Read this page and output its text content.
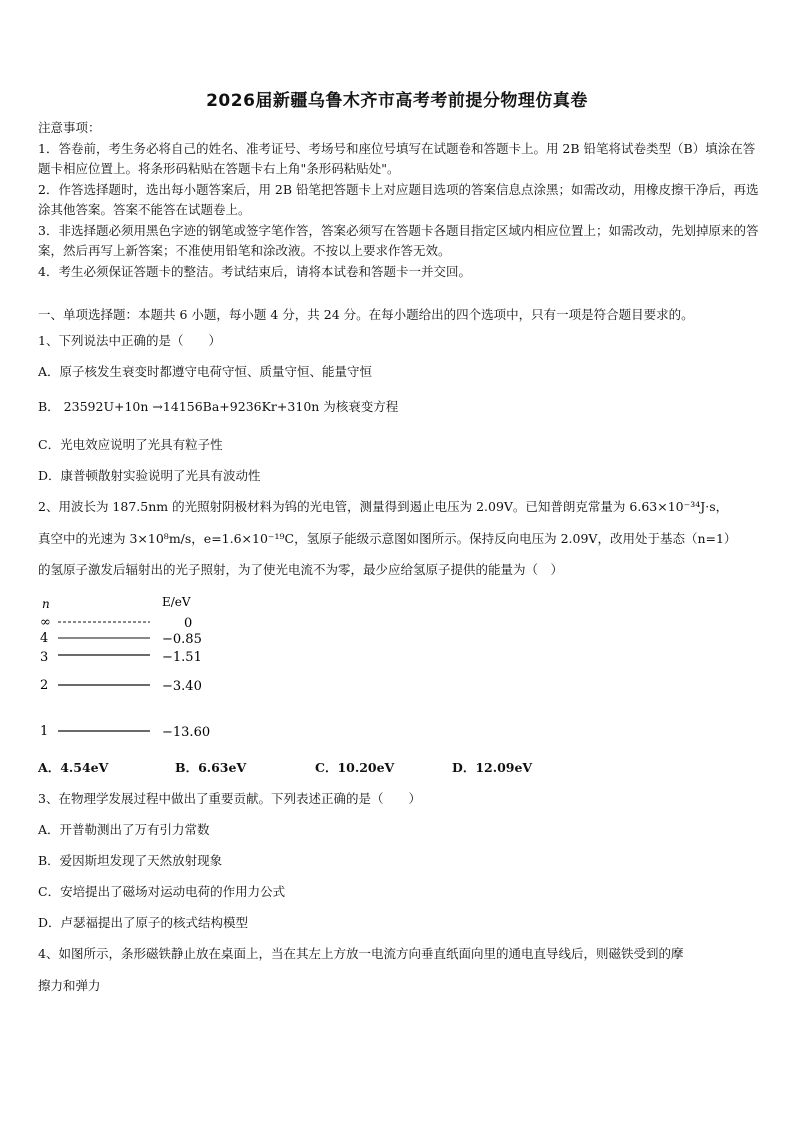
2026届新疆乌鲁木齐市高考考前提分物理仿真卷

注意事项：

1．答卷前，考生务必将自己的姓名、准考证号、考场号和座位号填写在试题卷和答题卡上。用 2B 铅笔将试卷类型（B）填涂在答题卡相应位置上。将条形码粘贴在答题卡右上角"条形码粘贴处"。

2．作答选择题时，选出每小题答案后，用 2B 铅笔把答题卡上对应题目选项的答案信息点涂黑；如需改动，用橡皮擦干净后，再选涂其他答案。答案不能答在试题卷上。

3．非选择题必须用黑色字迹的钢笔或签字笔作答，答案必须写在答题卡各题目指定区域内相应位置上；如需改动，先划掉原来的答案，然后再写上新答案；不准使用铅笔和涂改液。不按以上要求作答无效。

4．考生必须保证答题卡的整洁。考试结束后，请将本试卷和答题卡一并交回。

一、单项选择题：本题共 6 小题，每小题 4 分，共 24 分。在每小题给出的四个选项中，只有一项是符合题目要求的。
1、下列说法中正确的是（　　）
A．原子核发生衰变时都遵守电荷守恒、质量守恒、能量守恒
B． 23592U+10n →14156Ba+9236Kr+310n 为核衰变方程
C．光电效应说明了光具有粒子性
D．康普顿散射实验说明了光具有波动性
2、用波长为 187.5nm 的光照射阴极材料为钨的光电管，测量得到遏止电压为 2.09V。已知普朗克常量为 6.63×10⁻³⁴J·s，
真空中的光速为 3×10⁸m/s，e=1.6×10⁻¹⁹C，氢原子能级示意图如图所示。保持反向电压为 2.09V，改用处于基态（n=1）
的氢原子激发后辐射出的光子照射，为了使光电流不为零，最少应给氢原子提供的能量为（　）
n	E/eV
∞	0
4	−0.85
3	−1.51
2	−3.40
1	−13.60
A．4.54eV	B．6.63eV	C．10.20eV	D．12.09eV
3、在物理学发展过程中做出了重要贡献。下列表述正确的是（　　）
A．开普勒测出了万有引力常数
B．爱因斯坦发现了天然放射现象
C．安培提出了磁场对运动电荷的作用力公式
D．卢瑟福提出了原子的核式结构模型
4、如图所示，条形磁铁静止放在桌面上，当在其左上方放一电流方向垂直纸面向里的通电直导线后，则磁铁受到的摩
擦力和弹力
